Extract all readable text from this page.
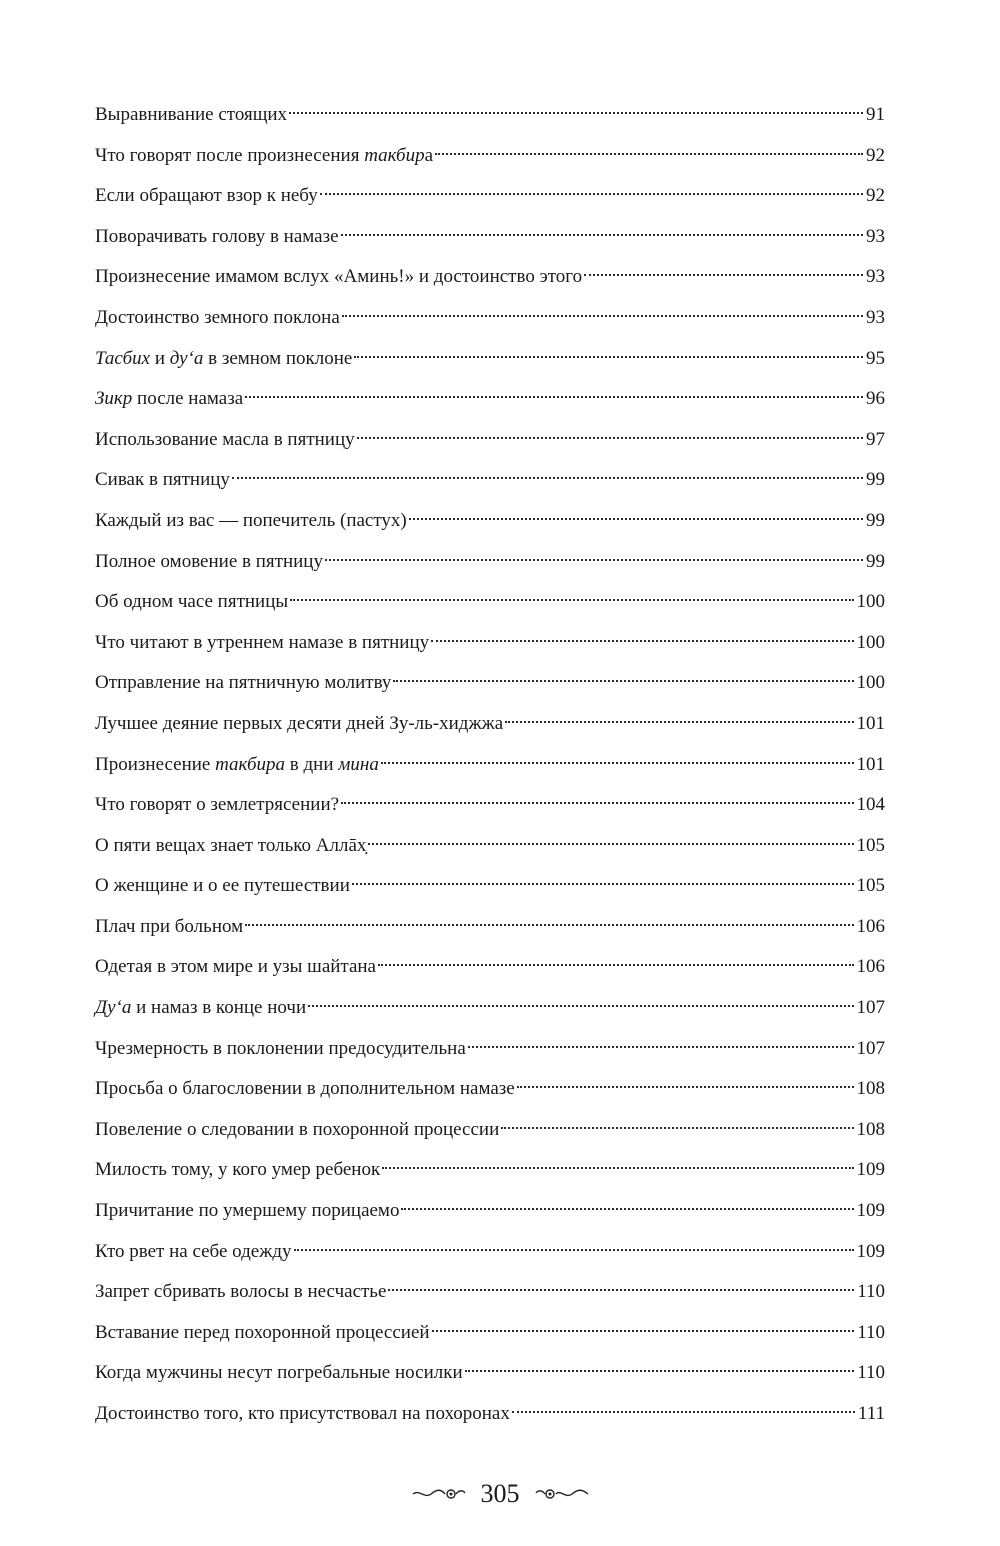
Выравнивание стоящих	91
Что говорят после произнесения такбира	92
Если обращают взор к небу	92
Поворачивать голову в намазе	93
Произнесение имамом вслух «Аминь!» и достоинство этого	93
Достоинство земного поклона	93
Тасбих и ду‘а в земном поклоне	95
Зикр после намаза	96
Использование масла в пятницу	97
Сивак в пятницу	99
Каждый из вас — попечитель (пастух)	99
Полное омовение в пятницу	99
Об одном часе пятницы	100
Что читают в утреннем намазе в пятницу	100
Отправление на пятничную молитву	100
Лучшее деяние первых десяти дней Зу-ль-хиджжа	101
Произнесение такбира в дни мина	101
Что говорят о землетрясении?	104
О пяти вещах знает только Аллāх̣	105
О женщине и о ее путешествии	105
Плач при больном	106
Одетая в этом мире и узы шайтана	106
Ду‘а и намаз в конце ночи	107
Чрезмерность в поклонении предосудительна	107
Просьба о благословении в дополнительном намазе	108
Повеление о следовании в похоронной процессии	108
Милость тому, у кого умер ребенок	109
Причитание по умершему порицаемо	109
Кто рвет на себе одежду	109
Запрет сбривать волосы в несчастье	110
Вставание перед похоронной процессией	110
Когда мужчины несут погребальные носилки	110
Достоинство того, кто присутствовал на похоронах	111
305
